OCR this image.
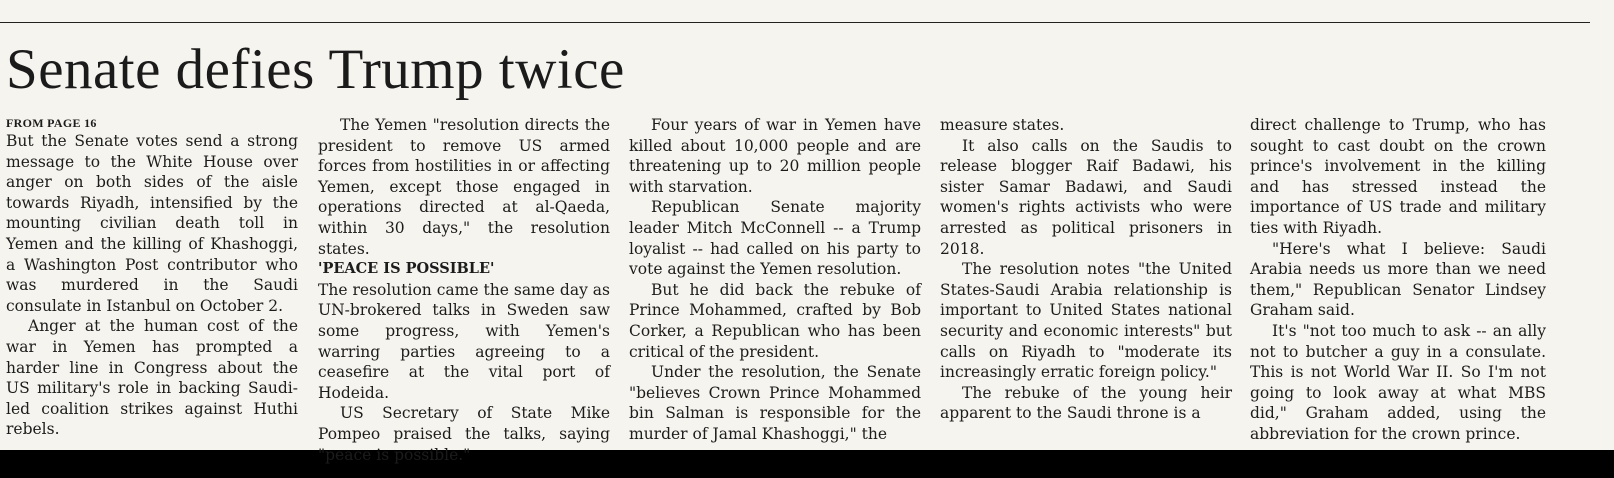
Senate defies Trump twice

FROM PAGE 16

But the Senate votes send a strong message to the White House over anger on both sides of the aisle towards Riyadh, intensified by the mounting civilian death toll in Yemen and the killing of Khashoggi, a Washington Post contributor who was murdered in the Saudi consulate in Istanbul on October 2.

Anger at the human cost of the war in Yemen has prompted a harder line in Congress about the US military's role in backing Saudi-led coalition strikes against Huthi rebels.

The Yemen "resolution directs the president to remove US armed forces from hostilities in or affecting Yemen, except those engaged in operations directed at al-Qaeda, within 30 days," the resolution states.

'PEACE IS POSSIBLE'

The resolution came the same day as UN-brokered talks in Sweden saw some progress, with Yemen's warring parties agreeing to a ceasefire at the vital port of Hodeida.

US Secretary of State Mike Pompeo praised the talks, saying "peace is possible."

Four years of war in Yemen have killed about 10,000 people and are threatening up to 20 million people with starvation.

Republican Senate majority leader Mitch McConnell -- a Trump loyalist -- had called on his party to vote against the Yemen resolution.

But he did back the rebuke of Prince Mohammed, crafted by Bob Corker, a Republican who has been critical of the president.

Under the resolution, the Senate "believes Crown Prince Mohammed bin Salman is responsible for the murder of Jamal Khashoggi," the

measure states.

It also calls on the Saudis to release blogger Raif Badawi, his sister Samar Badawi, and Saudi women's rights activists who were arrested as political prisoners in 2018.

The resolution notes "the United States-Saudi Arabia relationship is important to United States national security and economic interests" but calls on Riyadh to "moderate its increasingly erratic foreign policy."

The rebuke of the young heir apparent to the Saudi throne is a

direct challenge to Trump, who has sought to cast doubt on the crown prince's involvement in the killing and has stressed instead the importance of US trade and military ties with Riyadh.

"Here's what I believe: Saudi Arabia needs us more than we need them," Republican Senator Lindsey Graham said.

It's "not too much to ask -- an ally not to butcher a guy in a consulate. This is not World War II. So I'm not going to look away at what MBS did," Graham added, using the abbreviation for the crown prince.
